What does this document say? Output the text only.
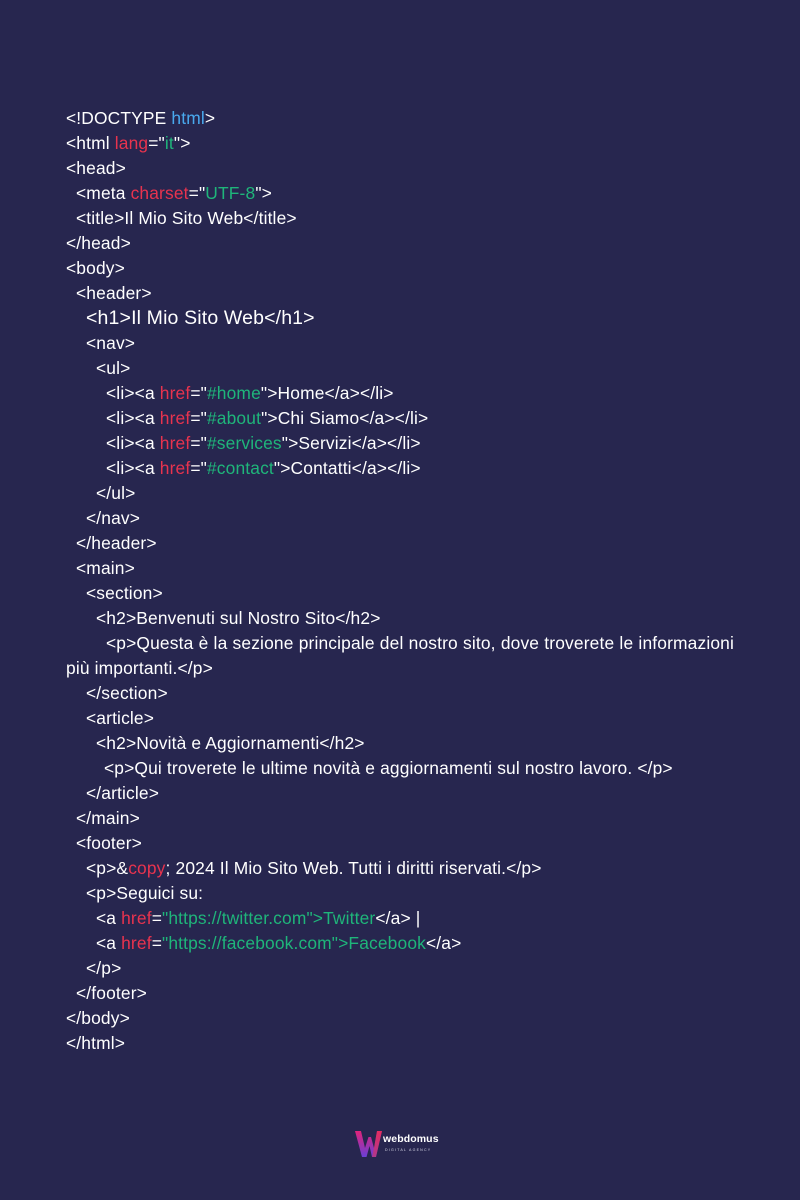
<!DOCTYPE html>
<html lang="it">
<head>
<meta charset="UTF-8">
<title>Il Mio Sito Web</title>
</head>
<body>
<header>
<h1>Il Mio Sito Web</h1>
<nav>
<ul>
<li><a href="#home">Home</a></li>
<li><a href="#about">Chi Siamo</a></li>
<li><a href="#services">Servizi</a></li>
<li><a href="#contact">Contatti</a></li>
</ul>
</nav>
</header>
<main>
<section>
<h2>Benvenuti sul Nostro Sito</h2>
<p>Questa è la sezione principale del nostro sito, dove troverete le informazioni più importanti.</p>
</section>
<article>
<h2>Novità e Aggiornamenti</h2>
<p>Qui troverete le ultime novità e aggiornamenti sul nostro lavoro. </p>
</article>
</main>
<footer>
<p>&copy; 2024 Il Mio Sito Web. Tutti i diritti riservati.</p>
<p>Seguici su:
<a href="https://twitter.com">Twitter</a> |
<a href="https://facebook.com">Facebook</a>
</p>
</footer>
</body>
</html>
webdomus
DIGITAL AGENCY
